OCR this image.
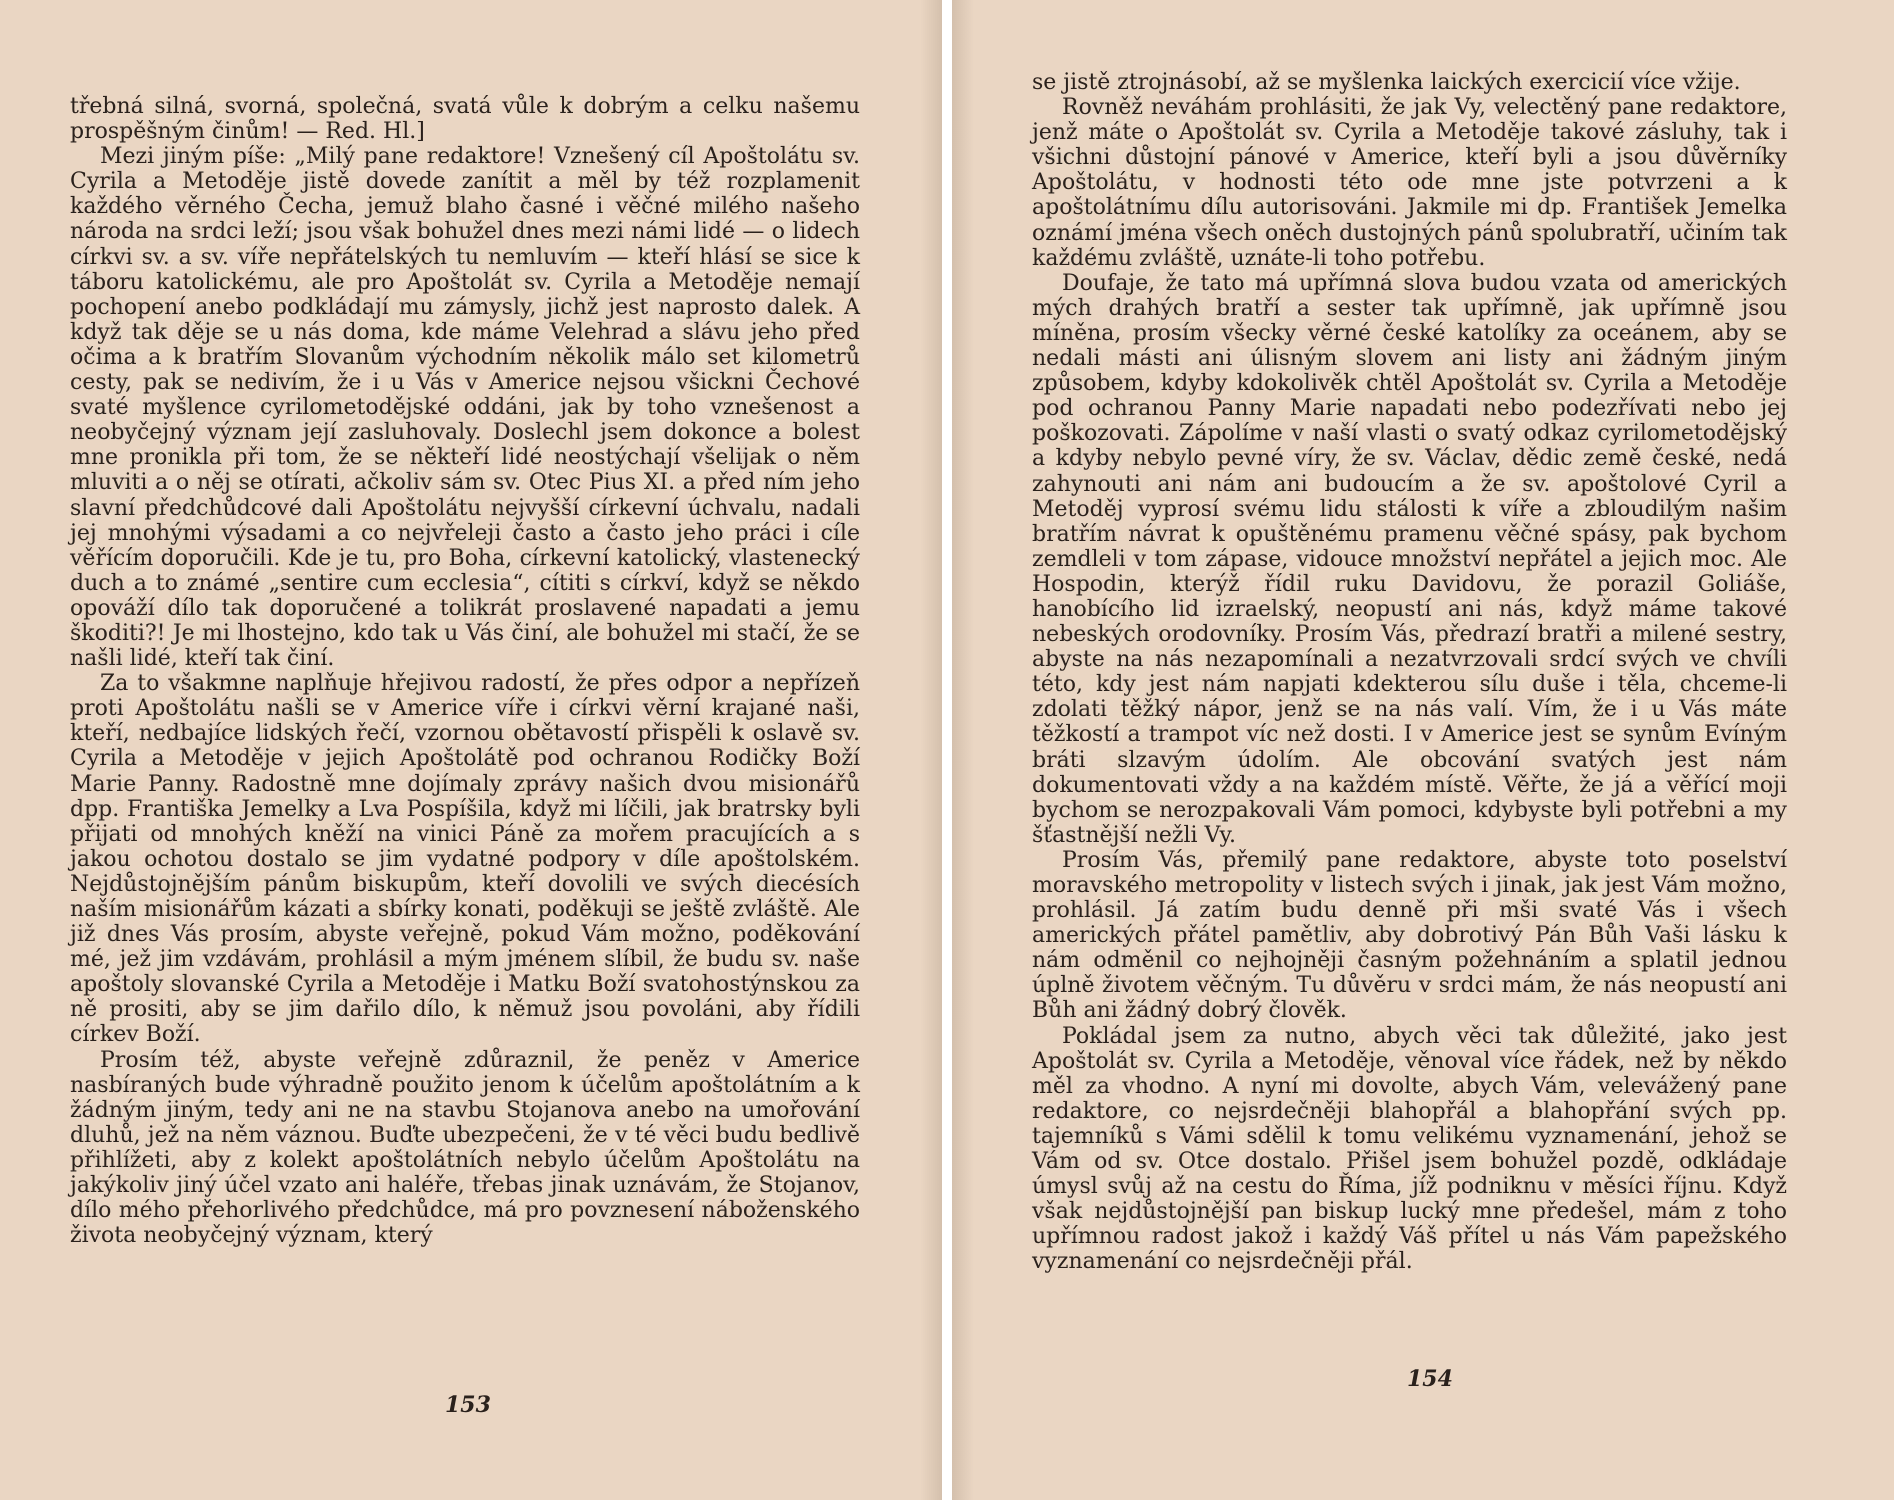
třebná silná, svorná, společná, svatá vůle k dobrým a celku našemu prospěšným činům! — Red. Hl.]

Mezi jiným píše: „Milý pane redaktore! Vznešený cíl Apoštolátu sv. Cyrila a Metoděje jistě dovede zanítit a měl by též rozplamenit každého věrného Čecha, jemuž blaho časné i věčné milého našeho národa na srdci leží; jsou však bohužel dnes mezi námi lidé — o lidech církvi sv. a sv. víře nepřátelských tu nemluvím — kteří hlásí se sice k táboru katolickému, ale pro Apoštolát sv. Cyrila a Metoděje nemají pochopení anebo podkládají mu zámysly, jichž jest naprosto dalek. A když tak děje se u nás doma, kde máme Velehrad a slávu jeho před očima a k bratřím Slovanům východním několik málo set kilometrů cesty, pak se nedivím, že i u Vás v Americe nejsou všickni Čechové svaté myšlence cyrilometodějské oddáni, jak by toho vznešenost a neobyčejný význam její zasluhovaly. Doslechl jsem dokonce a bolest mne pronikla při tom, že se někteří lidé neostýchají všelijak o něm mluviti a o něj se otírati, ačkoliv sám sv. Otec Pius XI. a před ním jeho slavní předchůdcové dali Apoštolátu nejvyšší církevní úchvalu, nadali jej mnohými výsadami a co nejvřeleji často a často jeho práci i cíle věřícím doporučili. Kde je tu, pro Boha, církevní katolický, vlastenecký duch a to známé „sentire cum ecclesia“, cítiti s církví, když se někdo opováží dílo tak doporučené a tolikrát proslavené napadati a jemu škoditi?! Je mi lhostejno, kdo tak u Vás činí, ale bohužel mi stačí, že se našli lidé, kteří tak činí.

Za to všakmne naplňuje hřejivou radostí, že přes odpor a nepřízeň proti Apoštolátu našli se v Americe víře i církvi věrní krajané naši, kteří, nedbajíce lidských řečí, vzornou obětavostí přispěli k oslavě sv. Cyrila a Metoděje v jejich Apoštolátě pod ochranou Rodičky Boží Marie Panny. Radostně mne dojímaly zprávy našich dvou misionářů dpp. Františka Jemelky a Lva Pospíšila, když mi líčili, jak bratrsky byli přijati od mnohých kněží na vinici Páně za mořem pracujících a s jakou ochotou dostalo se jim vydatné podpory v díle apoštolském. Nejdůstojnějším pánům biskupům, kteří dovolili ve svých diecésích naším misionářům kázati a sbírky konati, poděkuji se ještě zvláště. Ale již dnes Vás prosím, abyste veřejně, pokud Vám možno, poděkování mé, jež jim vzdávám, prohlásil a mým jménem slíbil, že budu sv. naše apoštoly slovanské Cyrila a Metoděje i Matku Boží svatohostýnskou za ně prositi, aby se jim dařilo dílo, k němuž jsou povoláni, aby řídili církev Boží.

Prosím též, abyste veřejně zdůraznil, že peněz v Americe nasbíraných bude výhradně použito jenom k účelům apoštolátním a k žádným jiným, tedy ani ne na stavbu Stojanova anebo na umořování dluhů, jež na něm váznou. Buďte ubezpečeni, že v té věci budu bedlivě přihlížeti, aby z kolekt apoštolátních nebylo účelům Apoštolátu na jakýkoliv jiný účel vzato ani haléře, třebas jinak uznávám, že Stojanov, dílo mého přehorlivého předchůdce, má pro povznesení náboženského života neobyčejný význam, který

153

se jistě ztrojnásobí, až se myšlenka laických exercicií více vžije.

Rovněž neváhám prohlásiti, že jak Vy, velectěný pane redaktore, jenž máte o Apoštolát sv. Cyrila a Metoděje takové zásluhy, tak i všichni důstojní pánové v Americe, kteří byli a jsou důvěrníky Apoštolátu, v hodnosti této ode mne jste potvrzeni a k apoštolátnímu dílu autorisováni. Jakmile mi dp. František Jemelka oznámí jména všech oněch dustojných pánů spolubratří, učiním tak každému zvláště, uznáte-li toho potřebu.

Doufaje, že tato má upřímná slova budou vzata od amerických mých drahých bratří a sester tak upřímně, jak upřímně jsou míněna, prosím všecky věrné české katolíky za oceánem, aby se nedali másti ani úlisným slovem ani listy ani žádným jiným způsobem, kdyby kdokolivěk chtěl Apoštolát sv. Cyrila a Metoděje pod ochranou Panny Marie napadati nebo podezřívati nebo jej poškozovati. Zápolíme v naší vlasti o svatý odkaz cyrilometodějský a kdyby nebylo pevné víry, že sv. Václav, dědic země české, nedá zahynouti ani nám ani budoucím a že sv. apoštolové Cyril a Metoděj vyprosí svému lidu stálosti k víře a zbloudilým našim bratřím návrat k opuštěnému pramenu věčné spásy, pak bychom zemdleli v tom zápase, vidouce množství nepřátel a jejich moc. Ale Hospodin, kterýž řídil ruku Davidovu, že porazil Goliáše, hanobícího lid izraelský, neopustí ani nás, když máme takové nebeských orodovníky. Prosím Vás, předrazí bratři a milené sestry, abyste na nás nezapomínali a nezatvrzovali srdcí svých ve chvíli této, kdy jest nám napjati kdekterou sílu duše i těla, chceme-li zdolati těžký nápor, jenž se na nás valí. Vím, že i u Vás máte těžkostí a trampot víc než dosti. I v Americe jest se synům Evíným bráti slzavým údolím. Ale obcování svatých jest nám dokumentovati vždy a na každém místě. Věřte, že já a věřící moji bychom se nerozpakovali Vám pomoci, kdybyste byli potřebni a my šťastnější nežli Vy.

Prosím Vás, přemilý pane redaktore, abyste toto poselství moravského metropolity v listech svých i jinak, jak jest Vám možno, prohlásil. Já zatím budu denně při mši svaté Vás i všech amerických přátel pamětliv, aby dobrotivý Pán Bůh Vaši lásku k nám odměnil co nejhojněji časným požehnáním a splatil jednou úplně životem věčným. Tu důvěru v srdci mám, že nás neopustí ani Bůh ani žádný dobrý člověk.

Pokládal jsem za nutno, abych věci tak důležité, jako jest Apoštolát sv. Cyrila a Metoděje, věnoval více řádek, než by někdo měl za vhodno. A nyní mi dovolte, abych Vám, velevážený pane redaktore, co nejsrdečněji blahopřál a blahopřání svých pp. tajemníků s Vámi sdělil k tomu velikému vyznamenání, jehož se Vám od sv. Otce dostalo. Přišel jsem bohužel pozdě, odkládaje úmysl svůj až na cestu do Říma, jíž podniknu v měsíci říjnu. Když však nejdůstojnější pan biskup lucký mne předešel, mám z toho upřímnou radost jakož i každý Váš přítel u nás Vám papežského vyznamenání co nejsrdečněji přál.

154
